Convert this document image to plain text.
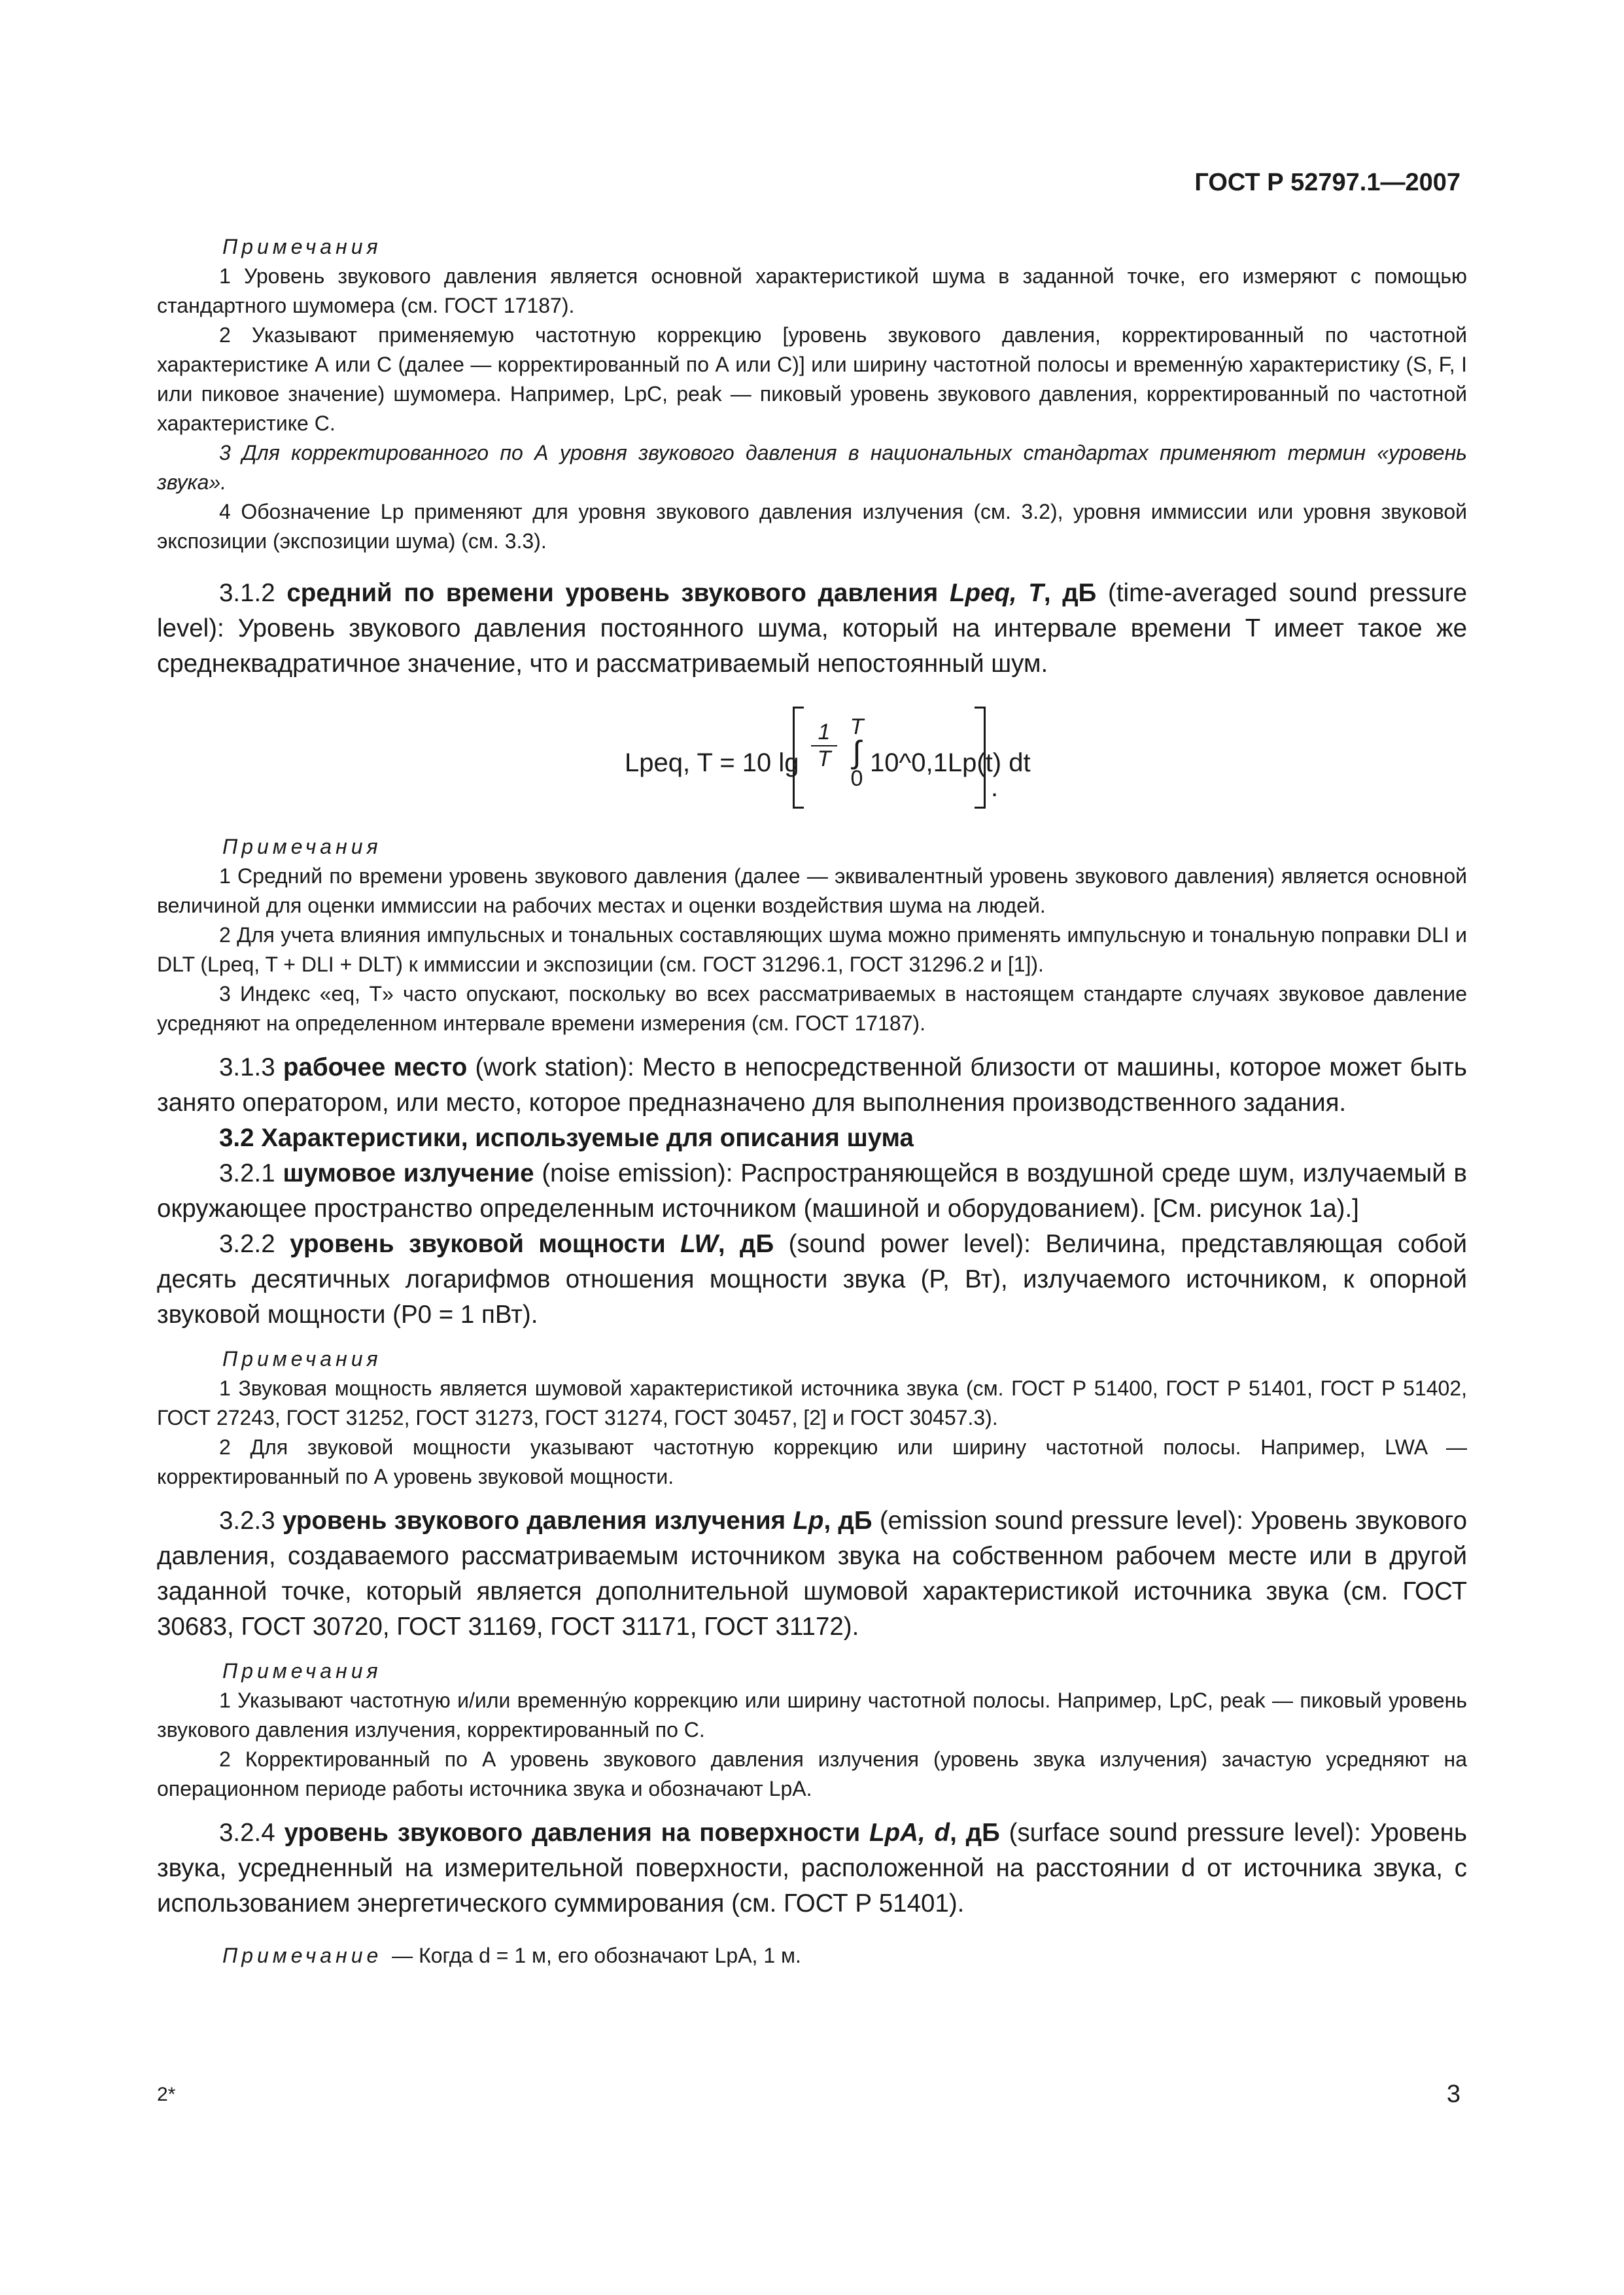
ГОСТ Р 52797.1—2007

Примечания

1 Уровень звукового давления является основной характеристикой шума в заданной точке, его измеряют с помощью стандартного шумомера (см. ГОСТ 17187).

2 Указывают применяемую частотную коррекцию [уровень звукового давления, корректированный по частотной характеристике А или С (далее — корректированный по А или С)] или ширину частотной полосы и временну́ю характеристику (S, F, I или пиковое значение) шумомера. Например, LpC, peak — пиковый уровень звукового давления, корректированный по частотной характеристике С.

3 Для корректированного по А уровня звукового давления в национальных стандартах применяют термин «уровень звука».

4 Обозначение Lp применяют для уровня звукового давления излучения (см. 3.2), уровня иммиссии или уровня звуковой экспозиции (экспозиции шума) (см. 3.3).

3.1.2 средний по времени уровень звукового давления Lpeq, T, дБ (time-averaged sound pressure level): Уровень звукового давления постоянного шума, который на интервале времени T имеет такое же среднеквадратичное значение, что и рассматриваемый непостоянный шум.

Lpeq, T = 10 $\lg \frac{1}{T}$ T
∫
0
10^0,1Lp(t) dt
.

Примечания

1 Средний по времени уровень звукового давления (далее — эквивалентный уровень звукового давления) является основной величиной для оценки иммиссии на рабочих местах и оценки воздействия шума на людей.

2 Для учета влияния импульсных и тональных составляющих шума можно применять импульсную и тональную поправки DLI и DLT (Lpeq, T + DLI + DLT) к иммиссии и экспозиции (см. ГОСТ 31296.1, ГОСТ 31296.2 и [1]).

3 Индекс «eq, T» часто опускают, поскольку во всех рассматриваемых в настоящем стандарте случаях звуковое давление усредняют на определенном интервале времени измерения (см. ГОСТ 17187).

3.1.3 рабочее место (work station): Место в непосредственной близости от машины, которое может быть занято оператором, или место, которое предназначено для выполнения производственного задания.

3.2 Характеристики, используемые для описания шума

3.2.1 шумовое излучение (noise emission): Распространяющейся в воздушной среде шум, излучаемый в окружающее пространство определенным источником (машиной и оборудованием). [См. рисунок 1а).]

3.2.2 уровень звуковой мощности LW, дБ (sound power level): Величина, представляющая собой десять десятичных логарифмов отношения мощности звука (P, Вт), излучаемого источником, к опорной звуковой мощности (P0 = 1 пВт).

Примечания

1 Звуковая мощность является шумовой характеристикой источника звука (см. ГОСТ Р 51400, ГОСТ Р 51401, ГОСТ Р 51402, ГОСТ 27243, ГОСТ 31252, ГОСТ 31273, ГОСТ 31274, ГОСТ 30457, [2] и ГОСТ 30457.3).

2 Для звуковой мощности указывают частотную коррекцию или ширину частотной полосы. Например, LWA — корректированный по А уровень звуковой мощности.

3.2.3 уровень звукового давления излучения Lp, дБ (emission sound pressure level): Уровень звукового давления, создаваемого рассматриваемым источником звука на собственном рабочем месте или в другой заданной точке, который является дополнительной шумовой характеристикой источника звука (см. ГОСТ 30683, ГОСТ 30720, ГОСТ 31169, ГОСТ 31171, ГОСТ 31172).

Примечания

1 Указывают частотную и/или временну́ю коррекцию или ширину частотной полосы. Например, LpC, peak — пиковый уровень звукового давления излучения, корректированный по С.

2 Корректированный по А уровень звукового давления излучения (уровень звука излучения) зачастую усредняют на операционном периоде работы источника звука и обозначают LpA.

3.2.4 уровень звукового давления на поверхности LpA, d, дБ (surface sound pressure level): Уровень звука, усредненный на измерительной поверхности, расположенной на расстоянии d от источника звука, с использованием энергетического суммирования (см. ГОСТ Р 51401).

Примечание — Когда d = 1 м, его обозначают LpA, 1 м.

2*	3
